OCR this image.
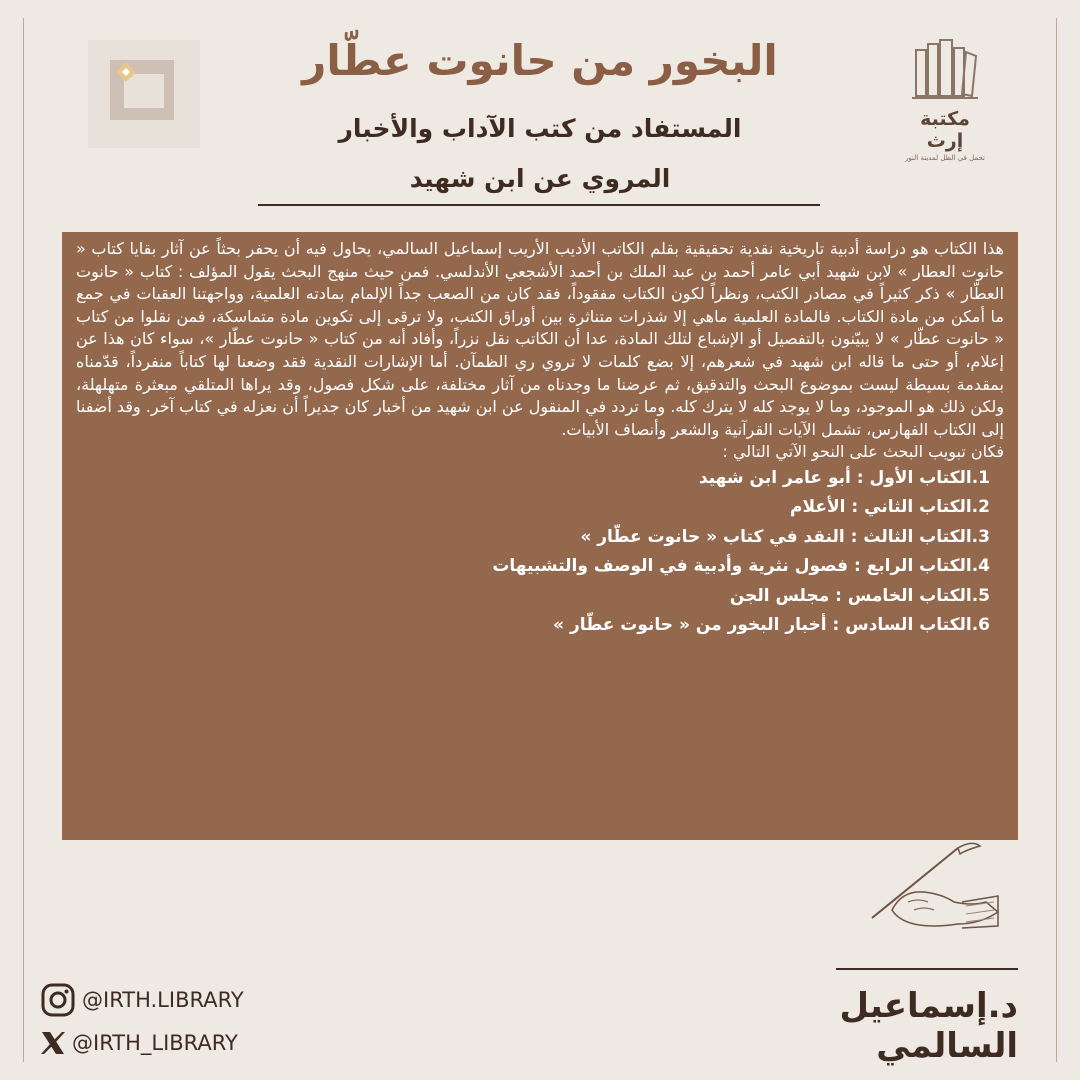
مكتبة إرث
تحمل في الظل لمدينة النور
البخور من حانوت عطّار
المستفاد من كتب الآداب والأخبار
المروي عن ابن شهيد

هذا الكتاب هو دراسة أدبية تاريخية نقدية تحقيقية بقلم الكاتب الأديب الأريب إسماعيل السالمي، يحاول فيه أن يحفر بحثاً عن آثار بقايا كتاب « حانوت العطار » لابن شهيد أبي عامر أحمد بن عبد الملك بن أحمد الأشجعي الأندلسي. فمن حيث منهج البحث يقول المؤلف : كتاب « حانوت العطّار » ذكر كثيراً في مصادر الكتب، ونظراً لكون الكتاب مفقوداً، فقد كان من الصعب جداً الإلمام بمادته العلمية، وواجهتنا العقبات في جمع ما أمكن من مادة الكتاب. فالمادة العلمية ماهي إلا شذرات متناثرة بين أوراق الكتب، ولا ترقى إلى تكوين مادة متماسكة، فمن نقلوا من كتاب « حانوت عطّار » لا يبيّنون بالتفصيل أو الإشباع لتلك المادة، عدا أن الكاتب نقل نزراً، وأفاد أنه من كتاب « حانوت عطّار »، سواء كان هذا عن إعلام، أو حتى ما قاله ابن شهيد في شعرهم، إلا بضع كلمات لا تروي ري الظمآن. أما الإشارات النقدية فقد وضعنا لها كتاباً منفرداً، قدّمناه بمقدمة بسيطة ليست بموضوع البحث والتدقيق، ثم عرضنا ما وجدناه من آثار مختلفة، على شكل فصول، وقد يراها المتلقي مبعثرة متهلهلة، ولكن ذلك هو الموجود، وما لا يوجد كله لا يترك كله. وما تردد في المنقول عن ابن شهيد من أخبار كان جديراً أن نعزله في كتاب آخر. وقد أضفنا إلى الكتاب الفهارس، تشمل الآيات القرآنية والشعر وأنصاف الأبيات.

فكان تبويب البحث على النحو الآتي التالي :

1.الكتاب الأول : أبو عامر ابن شهيد
2.الكتاب الثاني : الأعلام
3.الكتاب الثالث : النقد في كتاب « حانوت عطّار »
4.الكتاب الرابع : فصول نثرية وأدبية في الوصف والتشبيهات
5.الكتاب الخامس : مجلس الجن
6.الكتاب السادس : أخبار البخور من « حانوت عطّار »
د.إسماعيل السالمي
@IRTH.LIBRARY
@IRTH_LIBRARY
